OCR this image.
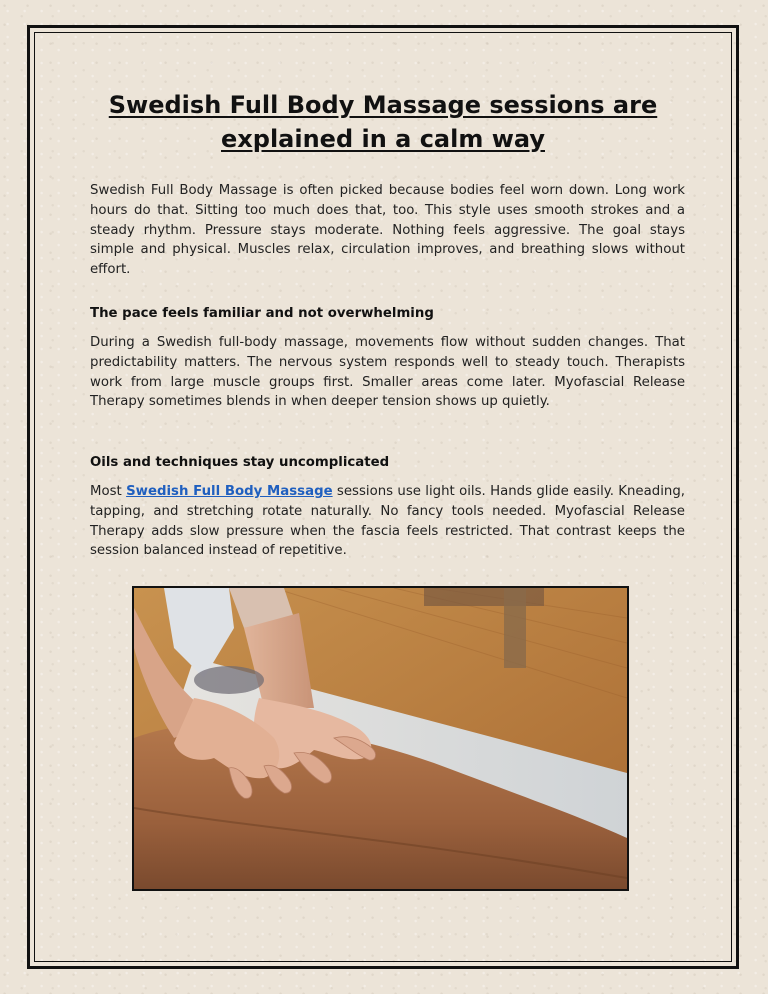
Swedish Full Body Massage sessions are explained in a calm way

Swedish Full Body Massage is often picked because bodies feel worn down. Long work hours do that. Sitting too much does that, too. This style uses smooth strokes and a steady rhythm. Pressure stays moderate. Nothing feels aggressive. The goal stays simple and physical. Muscles relax, circulation improves, and breathing slows without effort.

The pace feels familiar and not overwhelming

During a Swedish full-body massage, movements flow without sudden changes. That predictability matters. The nervous system responds well to steady touch. Therapists work from large muscle groups first. Smaller areas come later. Myofascial Release Therapy sometimes blends in when deeper tension shows up quietly.

Oils and techniques stay uncomplicated

Most Swedish Full Body Massage sessions use light oils. Hands glide easily. Kneading, tapping, and stretching rotate naturally. No fancy tools needed. Myofascial Release Therapy adds slow pressure when the fascia feels restricted. That contrast keeps the session balanced instead of repetitive.
